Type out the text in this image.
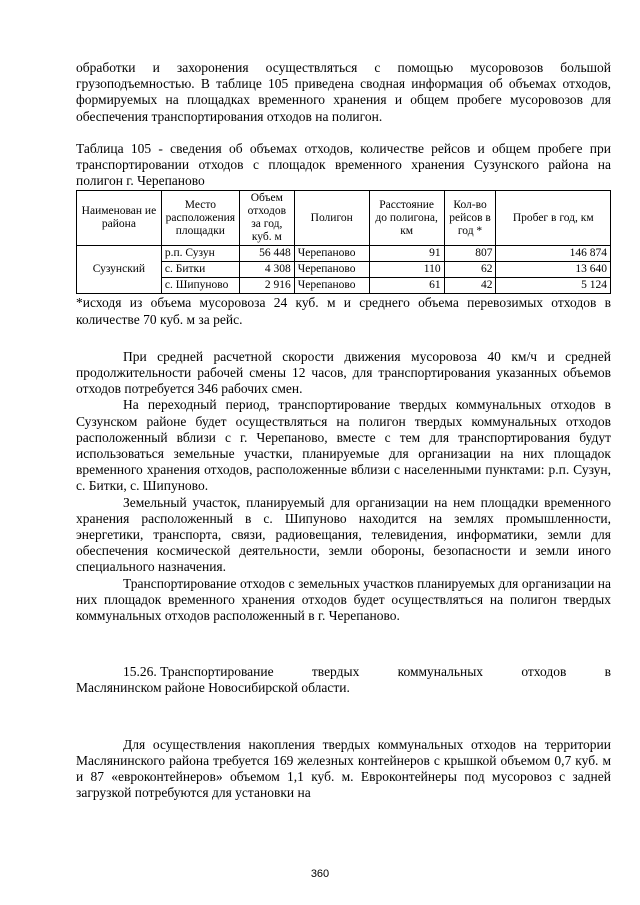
обработки и захоронения осуществляться с помощью мусоровозов большой грузоподъемностью. В таблице 105 приведена сводная информация об объемах отходов, формируемых на площадках временного хранения и общем пробеге мусоровозов для обеспечения транспортирования отходов на полигон.

Таблица 105 - сведения об объемах отходов, количестве рейсов и общем пробеге при транспортировании отходов с площадок временного хранения Сузунского района на полигон г. Черепаново

Наименован ие района	Место расположения площадки	Объем отходов за год, куб. м	Полигон	Расстояние до полигона, км	Кол-во рейсов в год *	Пробег в год, км
Сузунский	р.п. Сузун	56 448	Черепаново	91	807	146 874
	с. Битки	4 308	Черепаново	110	62	13 640
	с. Шипуново	2 916	Черепаново	61	42	5 124

*исходя из объема мусоровоза 24 куб. м и среднего объема перевозимых отходов в количестве 70 куб. м за рейс.

При средней расчетной скорости движения мусоровоза 40 км/ч и средней продолжительности рабочей смены 12 часов, для транспортирования указанных объемов отходов потребуется 346 рабочих смен.

На переходный период, транспортирование твердых коммунальных отходов в Сузунском районе будет осуществляться на полигон твердых коммунальных отходов расположенный вблизи с г. Черепаново, вместе с тем для транспортирования будут использоваться земельные участки, планируемые для организации на них площадок временного хранения отходов, расположенные вблизи с населенными пунктами: р.п. Сузун, с. Битки, с. Шипуново.

Земельный участок, планируемый для организации на нем площадки временного хранения расположенный в с. Шипуново находится на землях промышленности, энергетики, транспорта, связи, радиовещания, телевидения, информатики, земли для обеспечения космической деятельности, земли обороны, безопасности и земли иного специального назначения.

Транспортирование отходов с земельных участков планируемых для организации на них площадок временного хранения отходов будет осуществляться на полигон твердых коммунальных отходов расположенный в г. Черепаново.

15.26. Транспортирование	твердых	коммунальных	отходов	в

Маслянинском районе Новосибирской области.

Для осуществления накопления твердых коммунальных отходов на территории Маслянинского района требуется 169 железных контейнеров с крышкой объемом 0,7 куб. м и 87 «евроконтейнеров» объемом 1,1 куб. м. Евроконтейнеры под мусоровоз с задней загрузкой потребуются для установки на

360
